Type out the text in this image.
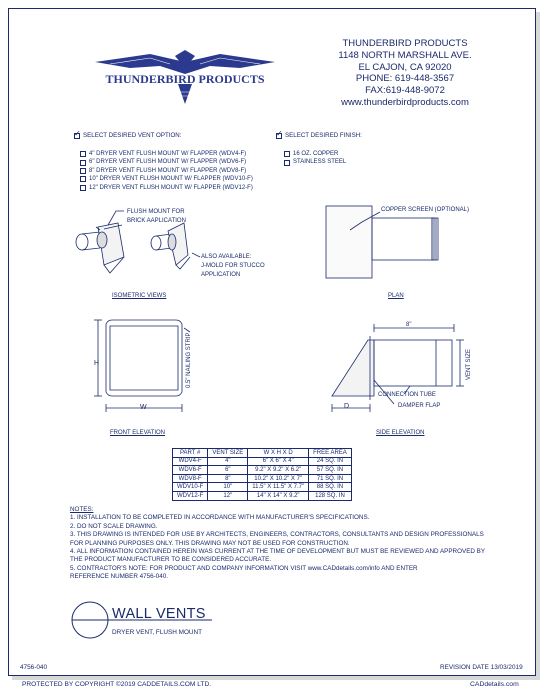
THUNDERBIRD PRODUCTS
THUNDERBIRD PRODUCTS
1148 NORTH MARSHALL AVE.
EL CAJON, CA 92020
PHONE: 619-448-3567
FAX:619-448-9072
www.thunderbirdproducts.com
✓
SELECT DESIRED VENT OPTION:
4" DRYER VENT FLUSH MOUNT W/ FLAPPER (WDV4-F)
6" DRYER VENT FLUSH MOUNT W/ FLAPPER (WDV6-F)
8" DRYER VENT FLUSH MOUNT W/ FLAPPER (WDV8-F)
10" DRYER VENT FLUSH MOUNT W/ FLAPPER (WDV10-F)
12" DRYER VENT FLUSH MOUNT W/ FLAPPER (WDV12-F)
✓
SELECT DESIRED FINISH:
16 OZ. COPPER
STAINLESS STEEL
FLUSH MOUNT FOR
BRICK AAPLICATION
ALSO AVAILABLE:
J-MOLD FOR STUCCO
APPLICATION
ISOMETRIC VIEWS
COPPER SCREEN (OPTIONAL)
PLAN
H
W
0.5" NAILING STRIP
FRONT ELEVATION
8"
VENT SIZE
D
CONNECTION TUBE
DAMPER FLAP
SIDE ELEVATION
PART #	VENT SIZE	W X H X D	FREE AREA
WDV4-F	4"	6" X 6" X 4"	24 SQ. IN
WDV6-F	6"	9.2" X 9.2" X 6.2"	57 SQ. IN
WDV8-F	8"	10.2" X 10.2" X 7"	71 SQ. IN
WDV10-F	10"	11.5" X 11.5" X 7.7"	88 SQ. IN
WDV12-F	12"	14" X 14" X 9.2"	128 SQ. IN
NOTES:
1. INSTALLATION TO BE COMPLETED IN ACCORDANCE WITH MANUFACTURER'S SPECIFICATIONS.
2. DO NOT SCALE DRAWING.
3. THIS DRAWING IS INTENDED FOR USE BY ARCHITECTS, ENGINEERS, CONTRACTORS, CONSULTANTS AND DESIGN PROFESSIONALS
FOR PLANNING PURPOSES ONLY. THIS DRAWING MAY NOT BE USED FOR CONSTRUCTION.
4. ALL INFORMATION CONTAINED HEREIN WAS CURRENT AT THE TIME OF DEVELOPMENT BUT MUST BE REVIEWED AND APPROVED BY
THE PRODUCT MANUFACTURER TO BE CONSIDERED ACCURATE.
5. CONTRACTOR'S NOTE: FOR PRODUCT AND COMPANY INFORMATION VISIT www.CADdetails.com/info AND ENTER
REFERENCE NUMBER 4756-040.
WALL VENTS
DRYER VENT, FLUSH MOUNT
4756-040	REVISION DATE 13/03/2019
PROTECTED BY COPYRIGHT ©2019 CADDETAILS.COM LTD.	CADdetails.com
